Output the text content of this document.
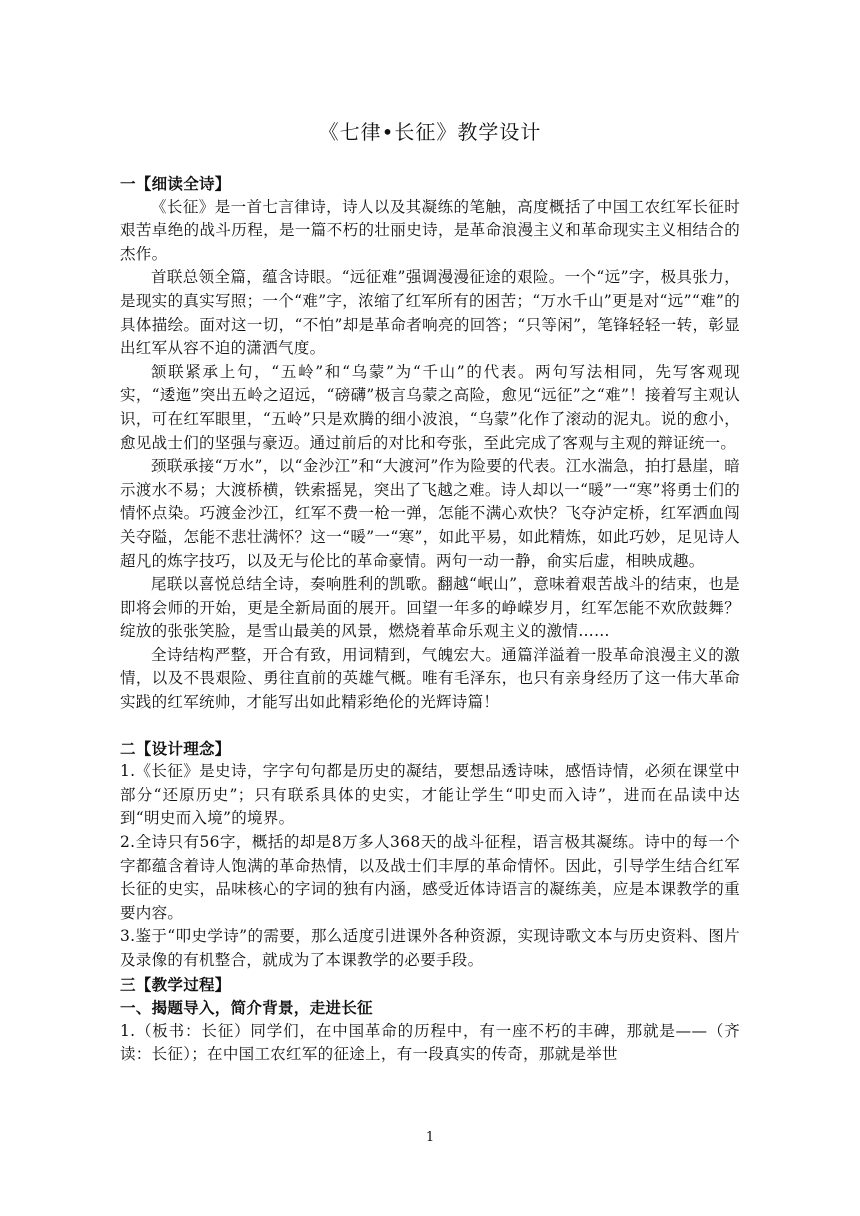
《七律•长征》教学设计

一【细读全诗】

《长征》是一首七言律诗，诗人以及其凝练的笔触，高度概括了中国工农红军长征时艰苦卓绝的战斗历程，是一篇不朽的壮丽史诗，是革命浪漫主义和革命现实主义相结合的杰作。

首联总领全篇，蕴含诗眼。“远征难”强调漫漫征途的艰险。一个“远”字，极具张力，是现实的真实写照；一个“难”字，浓缩了红军所有的困苦；“万水千山”更是对“远”“难”的具体描绘。面对这一切，“不怕”却是革命者响亮的回答；“只等闲”，笔锋轻轻一转，彰显出红军从容不迫的潇洒气度。

颔联紧承上句，“五岭”和“乌蒙”为“千山”的代表。两句写法相同，先写客观现实，“逶迤”突出五岭之迢远，“磅礴”极言乌蒙之高险，愈见“远征”之“难”！接着写主观认识，可在红军眼里，“五岭”只是欢腾的细小波浪，“乌蒙”化作了滚动的泥丸。说的愈小，愈见战士们的坚强与豪迈。通过前后的对比和夸张，至此完成了客观与主观的辩证统一。

颈联承接“万水”，以“金沙江”和“大渡河”作为险要的代表。江水湍急，拍打悬崖，暗示渡水不易；大渡桥横，铁索摇晃，突出了飞越之难。诗人却以一“暖”一“寒”将勇士们的情怀点染。巧渡金沙江，红军不费一枪一弹，怎能不满心欢快？飞夺泸定桥，红军洒血闯关夺隘，怎能不悲壮满怀？这一“暖”一“寒”，如此平易，如此精炼，如此巧妙，足见诗人超凡的炼字技巧，以及无与伦比的革命豪情。两句一动一静，俞实后虚，相映成趣。

尾联以喜悦总结全诗，奏响胜利的凯歌。翻越“岷山”，意味着艰苦战斗的结束，也是即将会师的开始，更是全新局面的展开。回望一年多的峥嵘岁月，红军怎能不欢欣鼓舞？绽放的张张笑脸，是雪山最美的风景，燃烧着革命乐观主义的激情……

全诗结构严整，开合有致，用词精到，气魄宏大。通篇洋溢着一股革命浪漫主义的激情，以及不畏艰险、勇往直前的英雄气概。唯有毛泽东，也只有亲身经历了这一伟大革命实践的红军统帅，才能写出如此精彩绝伦的光辉诗篇！

二【设计理念】

1.《长征》是史诗，字字句句都是历史的凝结，要想品透诗味，感悟诗情，必须在课堂中部分“还原历史”；只有联系具体的史实，才能让学生“叩史而入诗”，进而在品读中达到“明史而入境”的境界。

2.全诗只有56字，概括的却是8万多人368天的战斗征程，语言极其凝练。诗中的每一个字都蕴含着诗人饱满的革命热情，以及战士们丰厚的革命情怀。因此，引导学生结合红军长征的史实，品味核心的字词的独有内涵，感受近体诗语言的凝练美，应是本课教学的重要内容。

3.鉴于“叩史学诗”的需要，那么适度引进课外各种资源，实现诗歌文本与历史资料、图片及录像的有机整合，就成为了本课教学的必要手段。

三【教学过程】

一、揭题导入，简介背景，走进长征

1.（板书：长征）同学们，在中国革命的历程中，有一座不朽的丰碑，那就是——（齐读：长征）；在中国工农红军的征途上，有一段真实的传奇，那就是举世

1
